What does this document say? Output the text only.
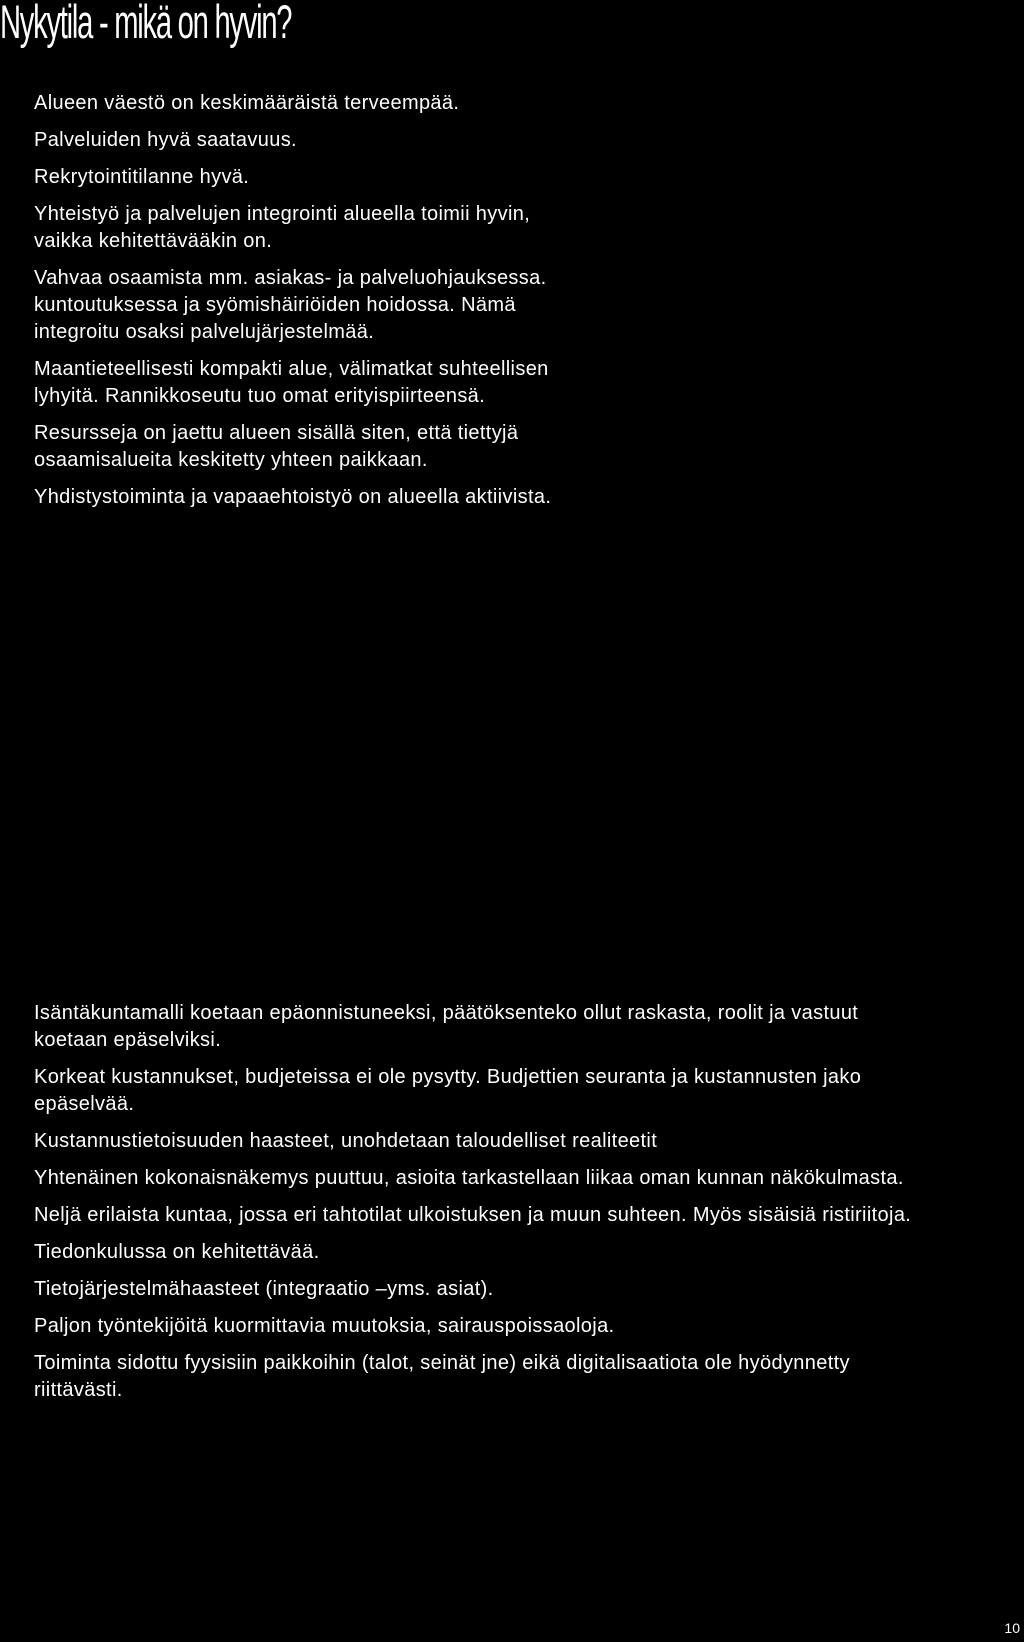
Nykytila - mikä on hyvin?
Alueen väestö on keskimääräistä terveempää.
Palveluiden hyvä saatavuus.
Rekrytointitilanne hyvä.
Yhteistyö ja palvelujen integrointi alueella toimii hyvin, vaikka kehitettävääkin on.
Vahvaa osaamista mm. asiakas- ja palveluohjauksessa. kuntoutuksessa ja syömishäiriöiden hoidossa. Nämä integroitu osaksi palvelujärjestelmää.
Maantieteellisesti kompakti alue, välimatkat suhteellisen lyhyitä. Rannikkoseutu tuo omat erityispiirteensä.
Resursseja on jaettu alueen sisällä siten, että tiettyjä osaamisalueita keskitetty yhteen paikkaan.
Yhdistystoiminta ja vapaaehtoistyö on alueella aktiivista.
Isäntäkuntamalli koetaan epäonnistuneeksi, päätöksenteko ollut raskasta, roolit ja vastuut koetaan epäselviksi.
Korkeat kustannukset, budjeteissa ei ole pysytty. Budjettien seuranta ja kustannusten jako epäselvää.
Kustannustietoisuuden haasteet, unohdetaan taloudelliset realiteetit
Yhtenäinen kokonaisnäkemys puuttuu, asioita tarkastellaan liikaa oman kunnan näkökulmasta.
Neljä erilaista kuntaa, jossa eri tahtotilat ulkoistuksen ja muun suhteen. Myös sisäisiä ristiriitoja.
Tiedonkulussa on kehitettävää.
Tietojärjestelmähaasteet (integraatio –yms. asiat).
Paljon työntekijöitä kuormittavia muutoksia, sairauspoissaoloja.
Toiminta sidottu fyysisiin paikkoihin (talot, seinät jne) eikä digitalisaatiota ole hyödynnetty riittävästi.
10
